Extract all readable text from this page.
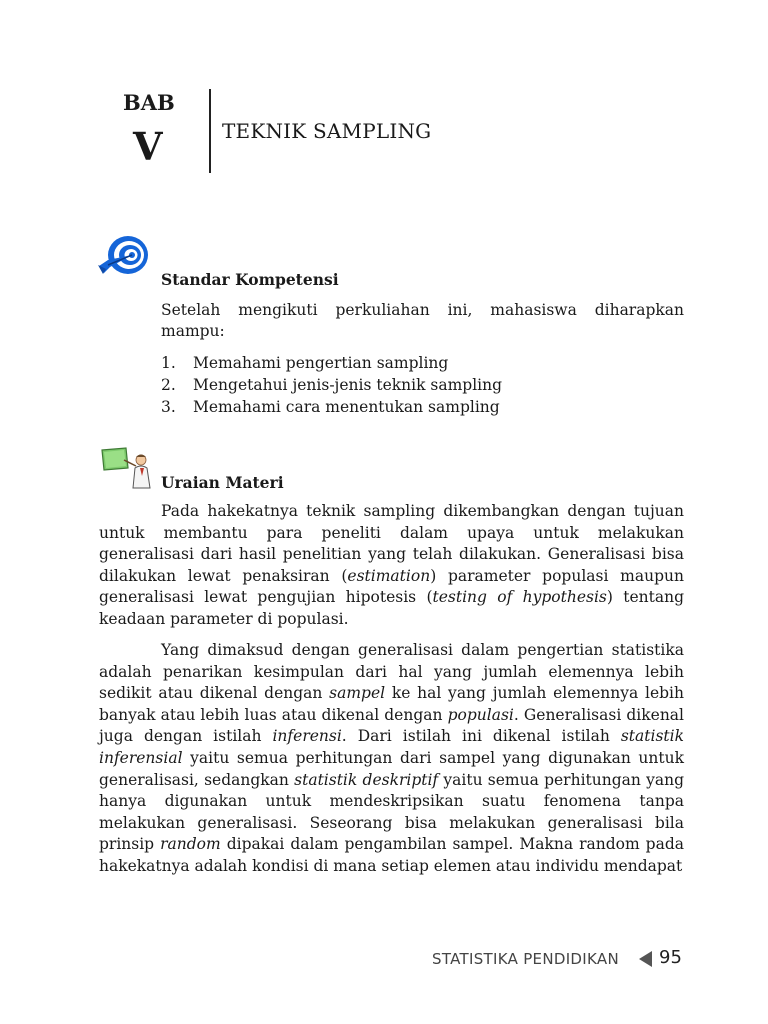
BAB
V	TEKNIK SAMPLING
Standar Kompetensi
Setelah mengikuti perkuliahan ini, mahasiswa diharapkan mampu:
1.	Memahami pengertian sampling
2.	Mengetahui jenis-jenis teknik sampling
3.	Memahami cara menentukan sampling
Uraian Materi

Pada hakekatnya teknik sampling dikembangkan dengan tujuan untuk membantu para peneliti dalam upaya untuk melakukan generalisasi dari hasil penelitian yang telah dilakukan. Generalisasi bisa dilakukan lewat penaksiran (estimation) parameter populasi maupun generalisasi lewat pengujian hipotesis (testing of hypothesis) tentang keadaan parameter di populasi.

Yang dimaksud dengan generalisasi dalam pengertian statistika adalah penarikan kesimpulan dari hal yang jumlah elemennya lebih sedikit atau dikenal dengan sampel ke hal yang jumlah elemennya lebih banyak atau lebih luas atau dikenal dengan populasi. Generalisasi dikenal juga dengan istilah inferensi. Dari istilah ini dikenal istilah statistik inferensial yaitu semua perhitungan dari sampel yang digunakan untuk generalisasi, sedangkan statistik deskriptif yaitu semua perhitungan yang hanya digunakan untuk mendeskripsikan suatu fenomena tanpa melakukan generalisasi. Seseorang bisa melakukan generalisasi bila prinsip random dipakai dalam pengambilan sampel. Makna random pada hakekatnya adalah kondisi di mana setiap elemen atau individu mendapat

STATISTIKA PENDIDIKAN 95
